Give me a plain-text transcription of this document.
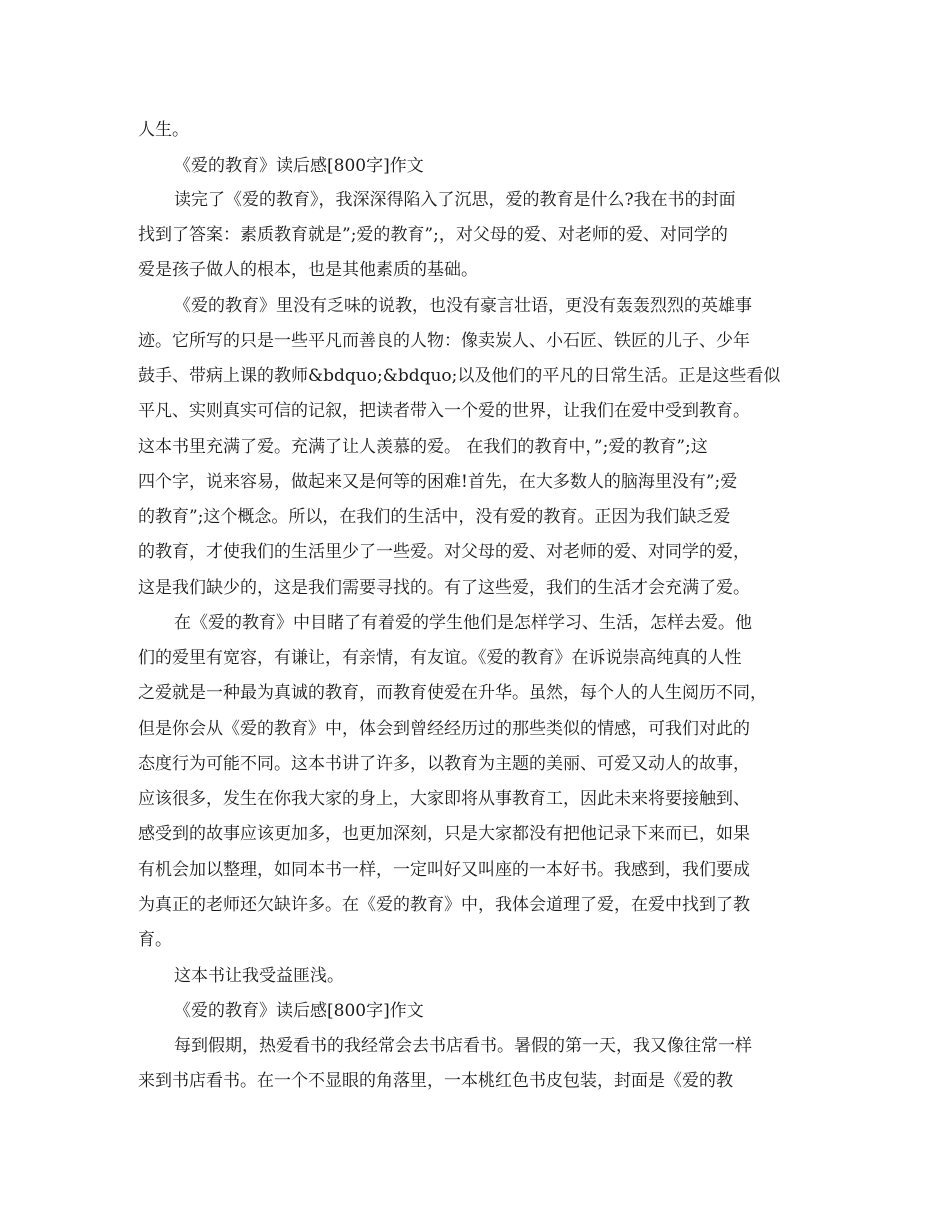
人生。
《爱的教育》读后感[800字]作文
读完了《爱的教育》，我深深得陷入了沉思，爱的教育是什么?我在书的封面
找到了答案：素质教育就是”;爱的教育”;，对父母的爱、对老师的爱、对同学的
爱是孩子做人的根本，也是其他素质的基础。
《爱的教育》里没有乏味的说教，也没有豪言壮语，更没有轰轰烈烈的英雄事
迹。它所写的只是一些平凡而善良的人物：像卖炭人、小石匠、铁匠的儿子、少年
鼓手、带病上课的教师&bdquo;&bdquo;以及他们的平凡的日常生活。正是这些看似
平凡、实则真实可信的记叙，把读者带入一个爱的世界，让我们在爱中受到教育。
这本书里充满了爱。充满了让人羡慕的爱。 在我们的教育中，”;爱的教育”;这
四个字，说来容易，做起来又是何等的困难!首先，在大多数人的脑海里没有”;爱
的教育”;这个概念。所以，在我们的生活中，没有爱的教育。正因为我们缺乏爱
的教育，才使我们的生活里少了一些爱。对父母的爱、对老师的爱、对同学的爱，
这是我们缺少的，这是我们需要寻找的。有了这些爱，我们的生活才会充满了爱。
在《爱的教育》中目睹了有着爱的学生他们是怎样学习、生活，怎样去爱。他
们的爱里有宽容，有谦让，有亲情，有友谊。《爱的教育》在诉说崇高纯真的人性
之爱就是一种最为真诚的教育，而教育使爱在升华。虽然，每个人的人生阅历不同，
但是你会从《爱的教育》中，体会到曾经经历过的那些类似的情感，可我们对此的
态度行为可能不同。这本书讲了许多，以教育为主题的美丽、可爱又动人的故事，
应该很多，发生在你我大家的身上，大家即将从事教育工，因此未来将要接触到、
感受到的故事应该更加多，也更加深刻，只是大家都没有把他记录下来而已，如果
有机会加以整理，如同本书一样，一定叫好又叫座的一本好书。我感到，我们要成
为真正的老师还欠缺许多。在《爱的教育》中，我体会道理了爱，在爱中找到了教
育。
这本书让我受益匪浅。
《爱的教育》读后感[800字]作文
每到假期，热爱看书的我经常会去书店看书。暑假的第一天，我又像往常一样
来到书店看书。在一个不显眼的角落里，一本桃红色书皮包装，封面是《爱的教
